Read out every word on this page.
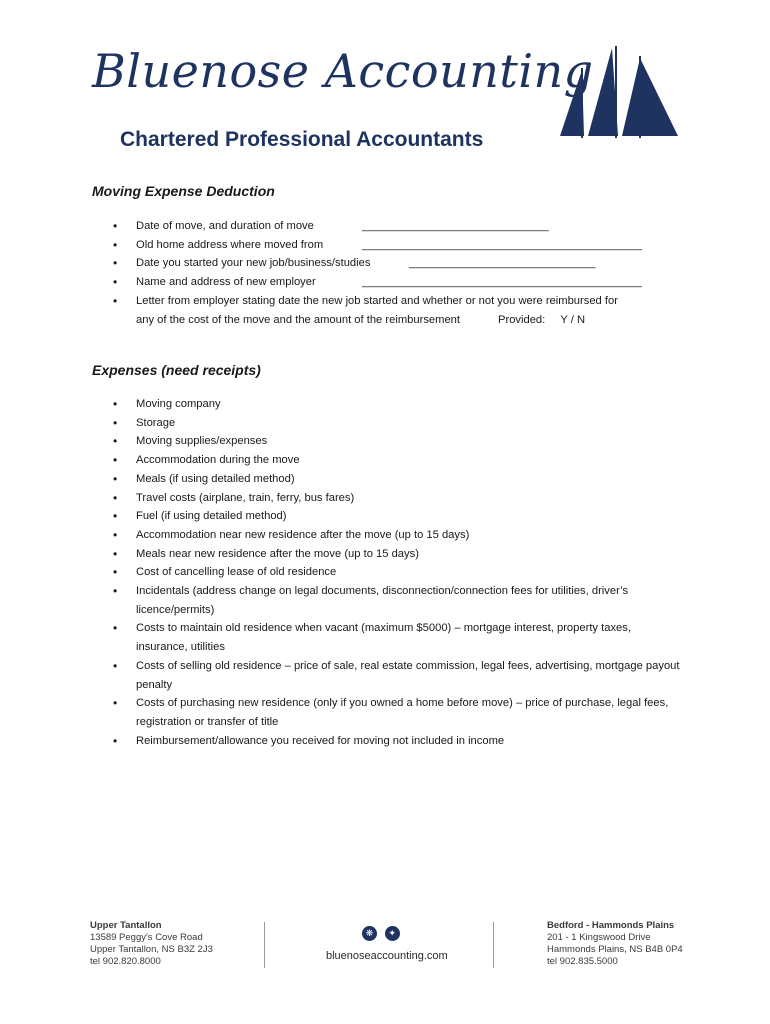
Bluenose Accounting
Chartered Professional Accountants
Moving Expense Deduction
• Date of move, and duration of move	______________________________
• Old home address where moved from	_____________________________________________
• Date you started your new job/business/studies	______________________________
• Name and address of new employer	_____________________________________________
• Letter from employer stating date the new job started and whether or not you were reimbursed for any of the cost of the move and the amount of the reimbursement	Provided: Y / N
Expenses (need receipts)
• Moving company
• Storage
• Moving supplies/expenses
• Accommodation during the move
• Meals (if using detailed method)
• Travel costs (airplane, train, ferry, bus fares)
• Fuel (if using detailed method)
• Accommodation near new residence after the move (up to 15 days)
• Meals near new residence after the move (up to 15 days)
• Cost of cancelling lease of old residence
• Incidentals (address change on legal documents, disconnection/connection fees for utilities, driver’s licence/permits)
• Costs to maintain old residence when vacant (maximum $5000) – mortgage interest, property taxes, insurance, utilities
• Costs of selling old residence – price of sale, real estate commission, legal fees, advertising, mortgage payout penalty
• Costs of purchasing new residence (only if you owned a home before move) – price of purchase, legal fees, registration or transfer of title
• Reimbursement/allowance you received for moving not included in income
Upper Tantallon
13589 Peggy's Cove Road
Upper Tantallon, NS B3Z 2J3
tel 902.820.8000
❋ ✦
bluenoseaccounting.com
Bedford - Hammonds Plains
201 - 1 Kingswood Drive
Hammonds Plains, NS B4B 0P4
tel 902.835.5000
